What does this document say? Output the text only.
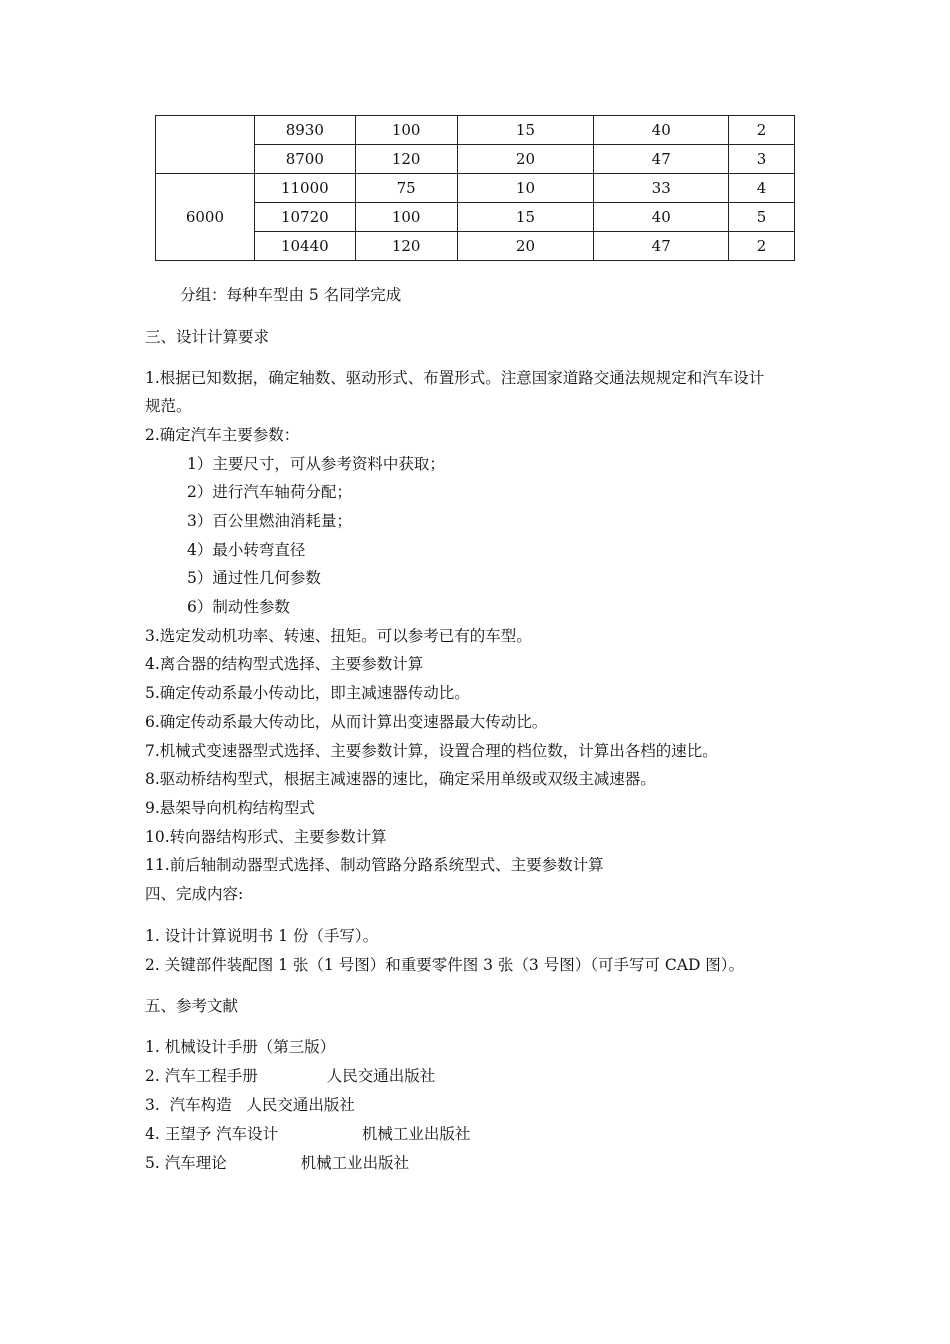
	8930	100	15	40	2
	8700	120	20	47	3
6000	11000	75	10	33	4
	10720	100	15	40	5
	10440	120	20	47	2
分组：每种车型由 5 名同学完成
三、设计计算要求
1.根据已知数据，确定轴数、驱动形式、布置形式。注意国家道路交通法规规定和汽车设计
规范。
2.确定汽车主要参数：
1）主要尺寸，可从参考资料中获取；
2）进行汽车轴荷分配；
3）百公里燃油消耗量；
4）最小转弯直径
5）通过性几何参数
6）制动性参数
3.选定发动机功率、转速、扭矩。可以参考已有的车型。
4.离合器的结构型式选择、主要参数计算
5.确定传动系最小传动比，即主减速器传动比。
6.确定传动系最大传动比，从而计算出变速器最大传动比。
7.机械式变速器型式选择、主要参数计算，设置合理的档位数，计算出各档的速比。
8.驱动桥结构型式，根据主减速器的速比，确定采用单级或双级主减速器。
9.悬架导向机构结构型式
10.转向器结构形式、主要参数计算
11.前后轴制动器型式选择、制动管路分路系统型式、主要参数计算
四、完成内容:
1. 设计计算说明书 1 份（手写）。
2. 关键部件装配图 1 张（1 号图）和重要零件图 3 张（3 号图）（可手写可 CAD 图）。
五、参考文献
1. 机械设计手册（第三版）
2. 汽车工程手册              人民交通出版社
3.  汽车构造   人民交通出版社
4. 王望予 汽车设计                 机械工业出版社
5. 汽车理论               机械工业出版社
